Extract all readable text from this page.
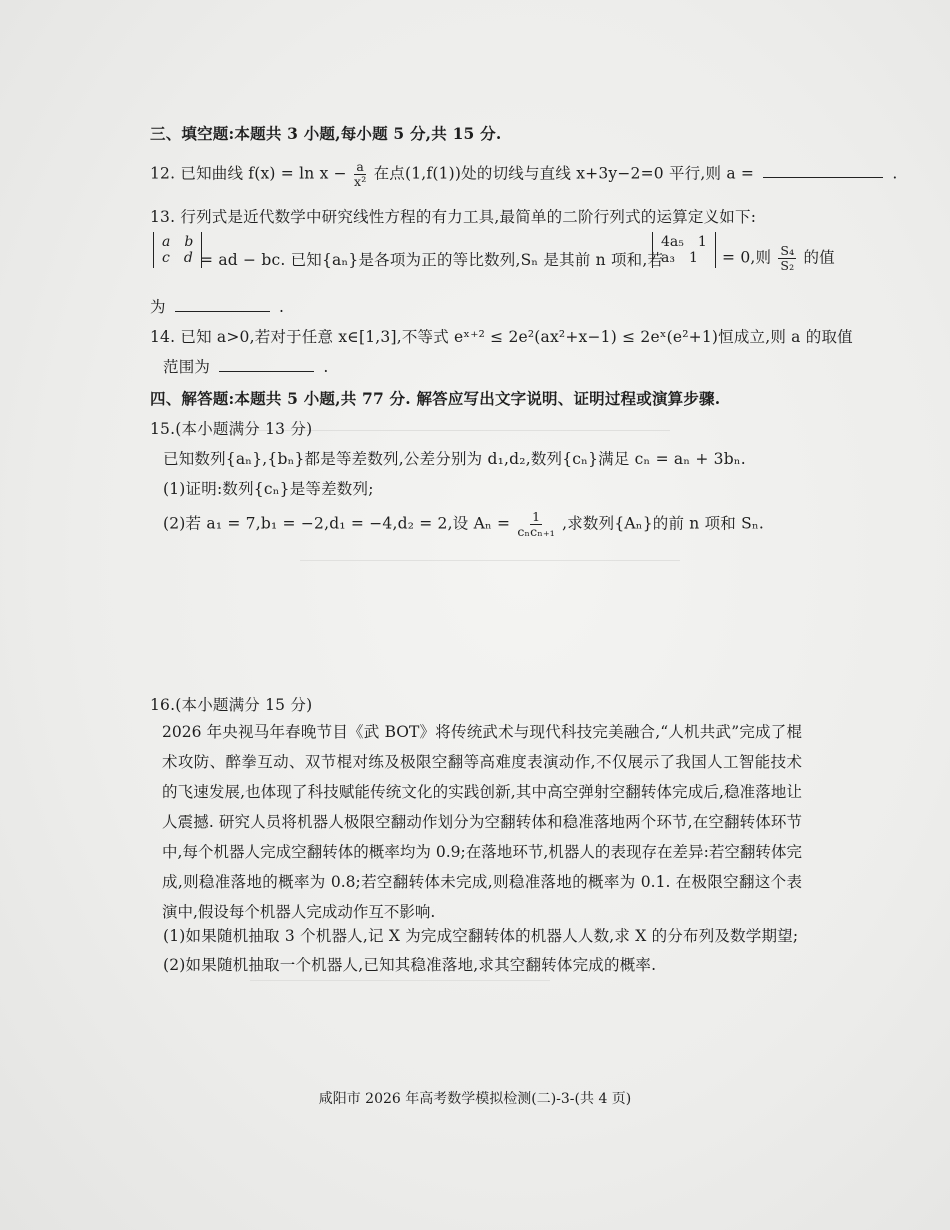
三、填空题:本题共 3 小题,每小题 5 分,共 15 分.
12. 已知曲线 $f(x) = \ln x - \frac{a}{\text{x²}}$ 在点(1,f(1))处的切线与直线 x+3y−2=0 平行,则 a =	.
13. 行列式是近代数学中研究线性方程的有力工具,最简单的二阶行列式的运算定义如下:
a b
c d = ad − bc. 已知{aₙ}是各项为正的等比数列,Sₙ 是其前 n 项和,若
4a₅ 1
a₃ 1 = 0,则 $\frac{\text{S₄}}{\text{S₂}}$ 的值
为	.
14. 已知 a>0,若对于任意 x∈[1,3],不等式 eˣ⁺² ≤ 2e²(ax²+x−1) ≤ 2eˣ(e²+1)恒成立,则 a 的取值
范围为	.
四、解答题:本题共 5 小题,共 77 分. 解答应写出文字说明、证明过程或演算步骤.
15.(本小题满分 13 分)
已知数列{aₙ},{bₙ}都是等差数列,公差分别为 d₁,d₂,数列{cₙ}满足 cₙ = aₙ + 3bₙ.
(1)证明:数列{cₙ}是等差数列;
(2)若 a₁ = 7,b₁ = −2,d₁ = −4,d₂ = 2,设 $A_n = \frac{1}{\text{cₙcₙ₊₁}}$ ,求数列{Aₙ}的前 n 项和 Sₙ.
16.(本小题满分 15 分)
2026 年央视马年春晚节目《武 BOT》将传统武术与现代科技完美融合,“人机共武”完成了棍术攻防、醉拳互动、双节棍对练及极限空翻等高难度表演动作,不仅展示了我国人工智能技术的飞速发展,也体现了科技赋能传统文化的实践创新,其中高空弹射空翻转体完成后,稳准落地让人震撼. 研究人员将机器人极限空翻动作划分为空翻转体和稳准落地两个环节,在空翻转体环节中,每个机器人完成空翻转体的概率均为 0.9;在落地环节,机器人的表现存在差异:若空翻转体完成,则稳准落地的概率为 0.8;若空翻转体未完成,则稳准落地的概率为 0.1. 在极限空翻这个表演中,假设每个机器人完成动作互不影响.
(1)如果随机抽取 3 个机器人,记 X 为完成空翻转体的机器人人数,求 X 的分布列及数学期望;
(2)如果随机抽取一个机器人,已知其稳准落地,求其空翻转体完成的概率.
咸阳市 2026 年高考数学模拟检测(二)-3-(共 4 页)
